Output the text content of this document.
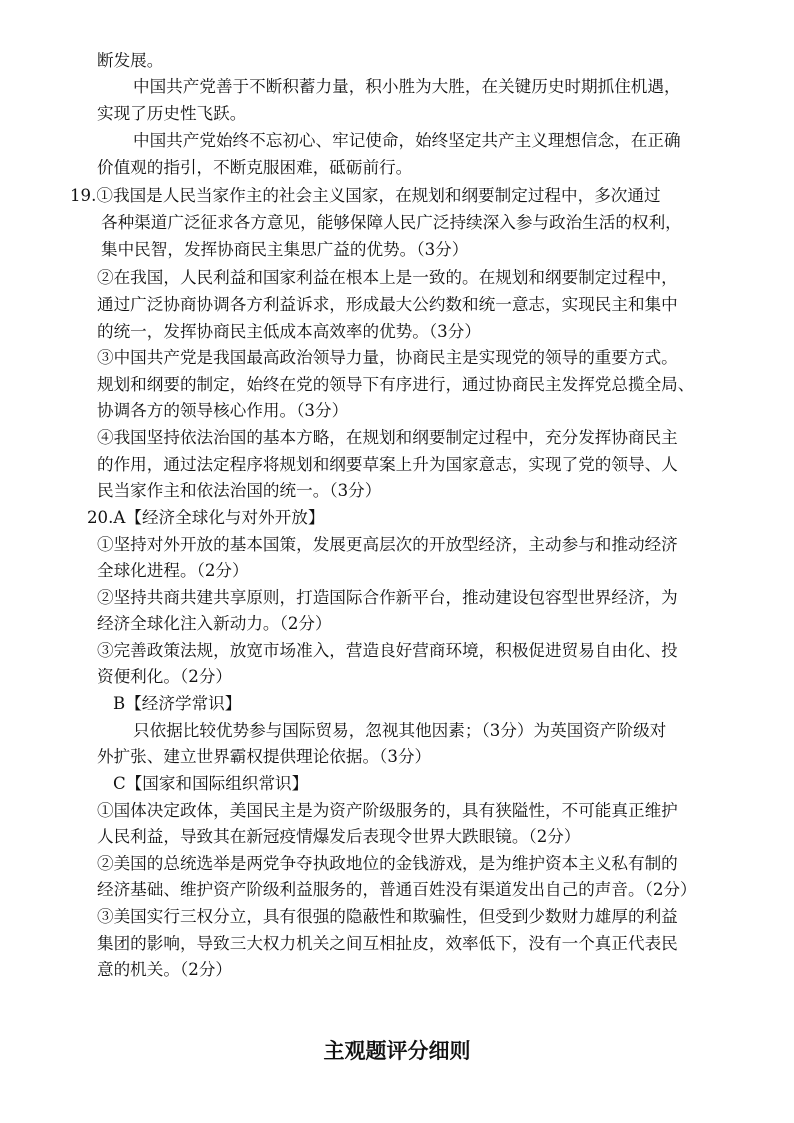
断发展。
中国共产党善于不断积蓄力量，积小胜为大胜，在关键历史时期抓住机遇，
实现了历史性飞跃。
中国共产党始终不忘初心、牢记使命，始终坚定共产主义理想信念，在正确
价值观的指引，不断克服困难，砥砺前行。
19.①我国是人民当家作主的社会主义国家，在规划和纲要制定过程中，多次通过
各种渠道广泛征求各方意见，能够保障人民广泛持续深入参与政治生活的权利，
集中民智，发挥协商民主集思广益的优势。（3分）
②在我国，人民利益和国家利益在根本上是一致的。在规划和纲要制定过程中，
通过广泛协商协调各方利益诉求，形成最大公约数和统一意志，实现民主和集中
的统一，发挥协商民主低成本高效率的优势。（3分）
③中国共产党是我国最高政治领导力量，协商民主是实现党的领导的重要方式。
规划和纲要的制定，始终在党的领导下有序进行，通过协商民主发挥党总揽全局、
协调各方的领导核心作用。（3分）
④我国坚持依法治国的基本方略，在规划和纲要制定过程中，充分发挥协商民主
的作用，通过法定程序将规划和纲要草案上升为国家意志，实现了党的领导、人
民当家作主和依法治国的统一。（3分）
20.A【经济全球化与对外开放】
①坚持对外开放的基本国策，发展更高层次的开放型经济，主动参与和推动经济
全球化进程。（2分）
②坚持共商共建共享原则，打造国际合作新平台，推动建设包容型世界经济，为
经济全球化注入新动力。（2分）
③完善政策法规，放宽市场准入，营造良好营商环境，积极促进贸易自由化、投
资便利化。（2分）
B【经济学常识】
只依据比较优势参与国际贸易，忽视其他因素；（3分）为英国资产阶级对
外扩张、建立世界霸权提供理论依据。（3分）
C【国家和国际组织常识】
①国体决定政体，美国民主是为资产阶级服务的，具有狭隘性，不可能真正维护
人民利益，导致其在新冠疫情爆发后表现令世界大跌眼镜。（2分）
②美国的总统选举是两党争夺执政地位的金钱游戏，是为维护资本主义私有制的
经济基础、维护资产阶级利益服务的，普通百姓没有渠道发出自己的声音。（2分）
③美国实行三权分立，具有很强的隐蔽性和欺骗性，但受到少数财力雄厚的利益
集团的影响，导致三大权力机关之间互相扯皮，效率低下，没有一个真正代表民
意的机关。（2分）
主观题评分细则
